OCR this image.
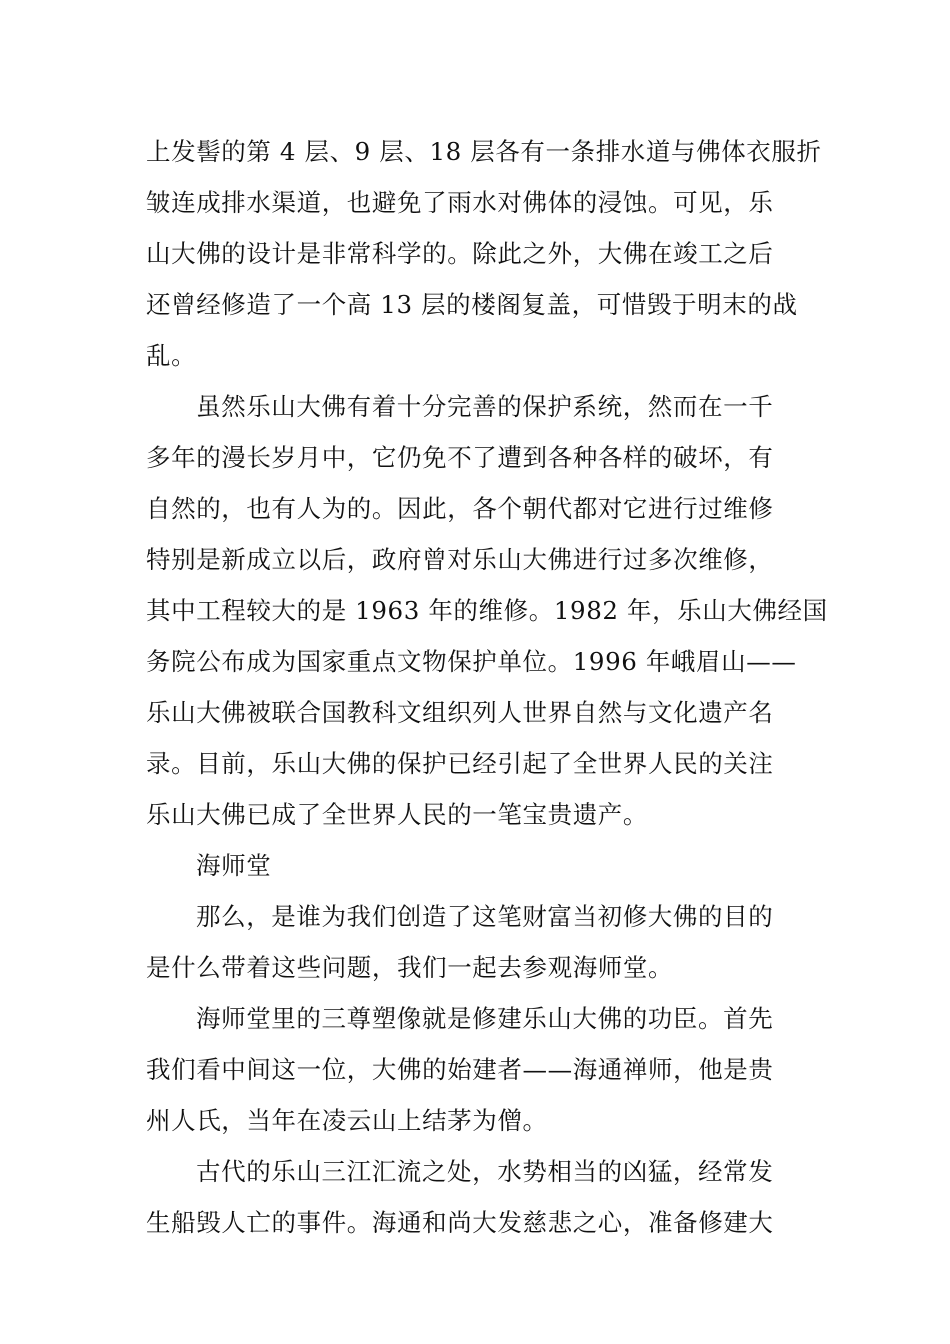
上发髻的第 4 层、9 层、18 层各有一条排水道与佛体衣服折
皱连成排水渠道，也避免了雨水对佛体的浸蚀。可见，乐
山大佛的设计是非常科学的。除此之外，大佛在竣工之后
还曾经修造了一个高 13 层的楼阁复盖，可惜毁于明末的战
乱。
虽然乐山大佛有着十分完善的保护系统，然而在一千
多年的漫长岁月中，它仍免不了遭到各种各样的破坏，有
自然的，也有人为的。因此，各个朝代都对它进行过维修
特别是新成立以后，政府曾对乐山大佛进行过多次维修，
其中工程较大的是 1963 年的维修。1982 年，乐山大佛经国
务院公布成为国家重点文物保护单位。1996 年峨眉山——
乐山大佛被联合国教科文组织列人世界自然与文化遗产名
录。目前，乐山大佛的保护已经引起了全世界人民的关注
乐山大佛已成了全世界人民的一笔宝贵遗产。
海师堂
那么，是谁为我们创造了这笔财富当初修大佛的目的
是什么带着这些问题，我们一起去参观海师堂。
海师堂里的三尊塑像就是修建乐山大佛的功臣。首先
我们看中间这一位，大佛的始建者——海通禅师，他是贵
州人氏，当年在凌云山上结茅为僧。
古代的乐山三江汇流之处，水势相当的凶猛，经常发
生船毁人亡的事件。海通和尚大发慈悲之心，准备修建大
